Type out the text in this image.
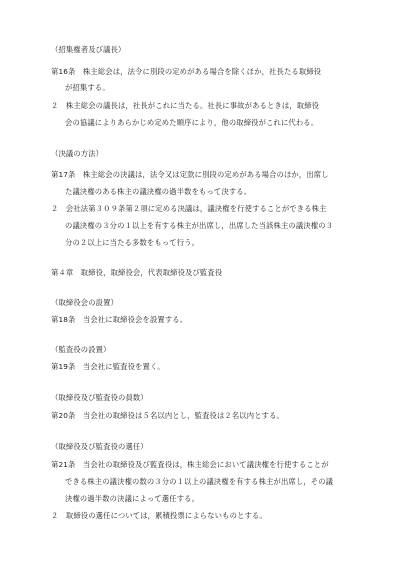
（招集権者及び議長）
第16条　株主総会は，法令に別段の定めがある場合を除くほか，社長たる取締役
が招集する。
２　株主総会の議長は，社長がこれに当たる。社長に事故があるときは，取締役
会の協議によりあらかじめ定めた順序により，他の取締役がこれに代わる。
（決議の方法）
第17条　株主総会の決議は，法令又は定款に別段の定めがある場合のほか，出席し
た議決権のある株主の議決権の過半数をもって決する。
２　会社法第３０９条第２項に定める決議は，議決権を行使することができる株主
の議決権の３分の１以上を有する株主が出席し，出席した当該株主の議決権の３
分の２以上に当たる多数をもって行う。
第４章　取締役，取締役会，代表取締役及び監査役
（取締役会の設置）
第18条　当会社に取締役会を設置する。
（監査役の設置）
第19条　当会社に監査役を置く。
（取締役及び監査役の員数）
第20条　当会社の取締役は５名以内とし，監査役は２名以内とする。
（取締役及び監査役の選任）
第21条　当会社の取締役及び監査役は，株主総会において議決権を行使することが
できる株主の議決権の数の３分の１以上の議決権を有する株主が出席し，その議
決権の過半数の決議によって選任する。
２　取締役の選任については，累積投票によらないものとする。
